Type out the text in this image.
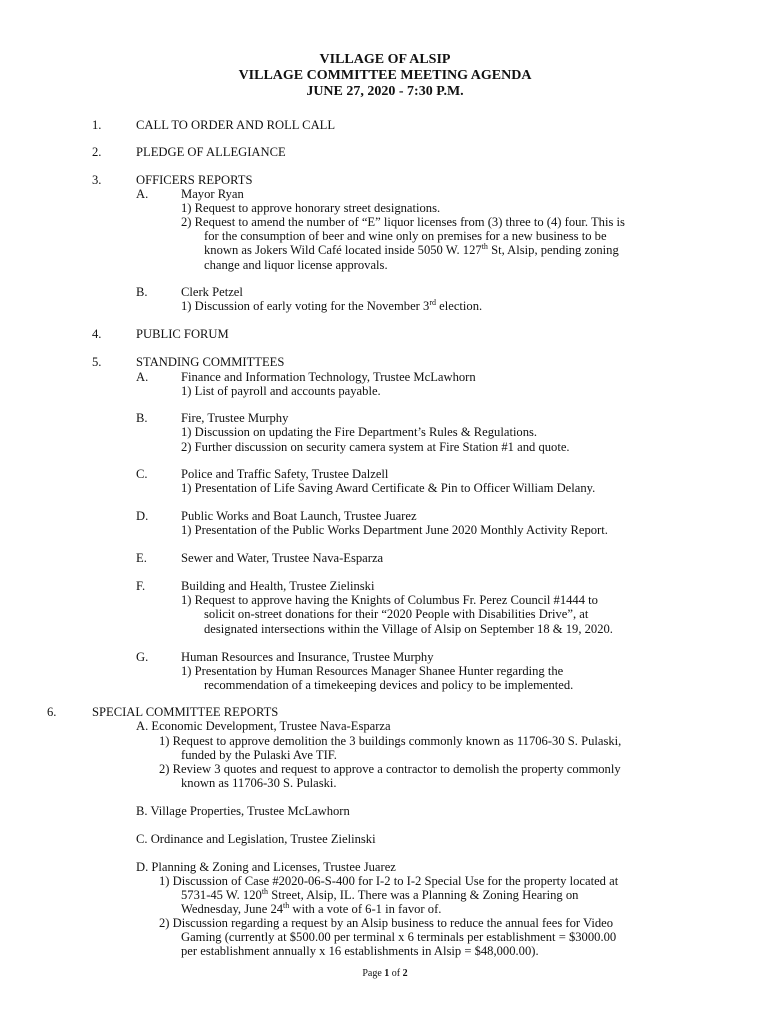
VILLAGE OF ALSIP
VILLAGE COMMITTEE MEETING AGENDA
JUNE 27, 2020 - 7:30 P.M.
1.	CALL TO ORDER AND ROLL CALL
2.	PLEDGE OF ALLEGIANCE
3.	OFFICERS REPORTS
A.	Mayor Ryan
1) Request to approve honorary street designations.
2) Request to amend the number of “E” liquor licenses from (3) three to (4) four. This is
for the consumption of beer and wine only on premises for a new business to be
known as Jokers Wild Café located inside 5050 W. 127th St, Alsip, pending zoning
change and liquor license approvals.
B.	Clerk Petzel
1) Discussion of early voting for the November 3rd election.
4.	PUBLIC FORUM
5.	STANDING COMMITTEES
A.	Finance and Information Technology, Trustee McLawhorn
1) List of payroll and accounts payable.
B.	Fire, Trustee Murphy
1) Discussion on updating the Fire Department’s Rules & Regulations.
2) Further discussion on security camera system at Fire Station #1 and quote.
C.	Police and Traffic Safety, Trustee Dalzell
1) Presentation of Life Saving Award Certificate & Pin to Officer William Delany.
D.	Public Works and Boat Launch, Trustee Juarez
1) Presentation of the Public Works Department June 2020 Monthly Activity Report.
E.	Sewer and Water, Trustee Nava-Esparza
F.	Building and Health, Trustee Zielinski
1) Request to approve having the Knights of Columbus Fr. Perez Council #1444 to
solicit on-street donations for their “2020 People with Disabilities Drive”, at
designated intersections within the Village of Alsip on September 18 & 19, 2020.
G.	Human Resources and Insurance, Trustee Murphy
1) Presentation by Human Resources Manager Shanee Hunter regarding the
recommendation of a timekeeping devices and policy to be implemented.
6.	SPECIAL COMMITTEE REPORTS
A. Economic Development, Trustee Nava-Esparza
1) Request to approve demolition the 3 buildings commonly known as 11706-30 S. Pulaski,
funded by the Pulaski Ave TIF.
2) Review 3 quotes and request to approve a contractor to demolish the property commonly
known as 11706-30 S. Pulaski.
B. Village Properties, Trustee McLawhorn
C. Ordinance and Legislation, Trustee Zielinski
D. Planning & Zoning and Licenses, Trustee Juarez
1) Discussion of Case #2020-06-S-400 for I-2 to I-2 Special Use for the property located at
5731-45 W. 120th Street, Alsip, IL. There was a Planning & Zoning Hearing on
Wednesday, June 24th with a vote of 6-1 in favor of.
2) Discussion regarding a request by an Alsip business to reduce the annual fees for Video
Gaming (currently at $500.00 per terminal x 6 terminals per establishment = $3000.00
per establishment annually x 16 establishments in Alsip = $48,000.00).
Page 1 of 2
